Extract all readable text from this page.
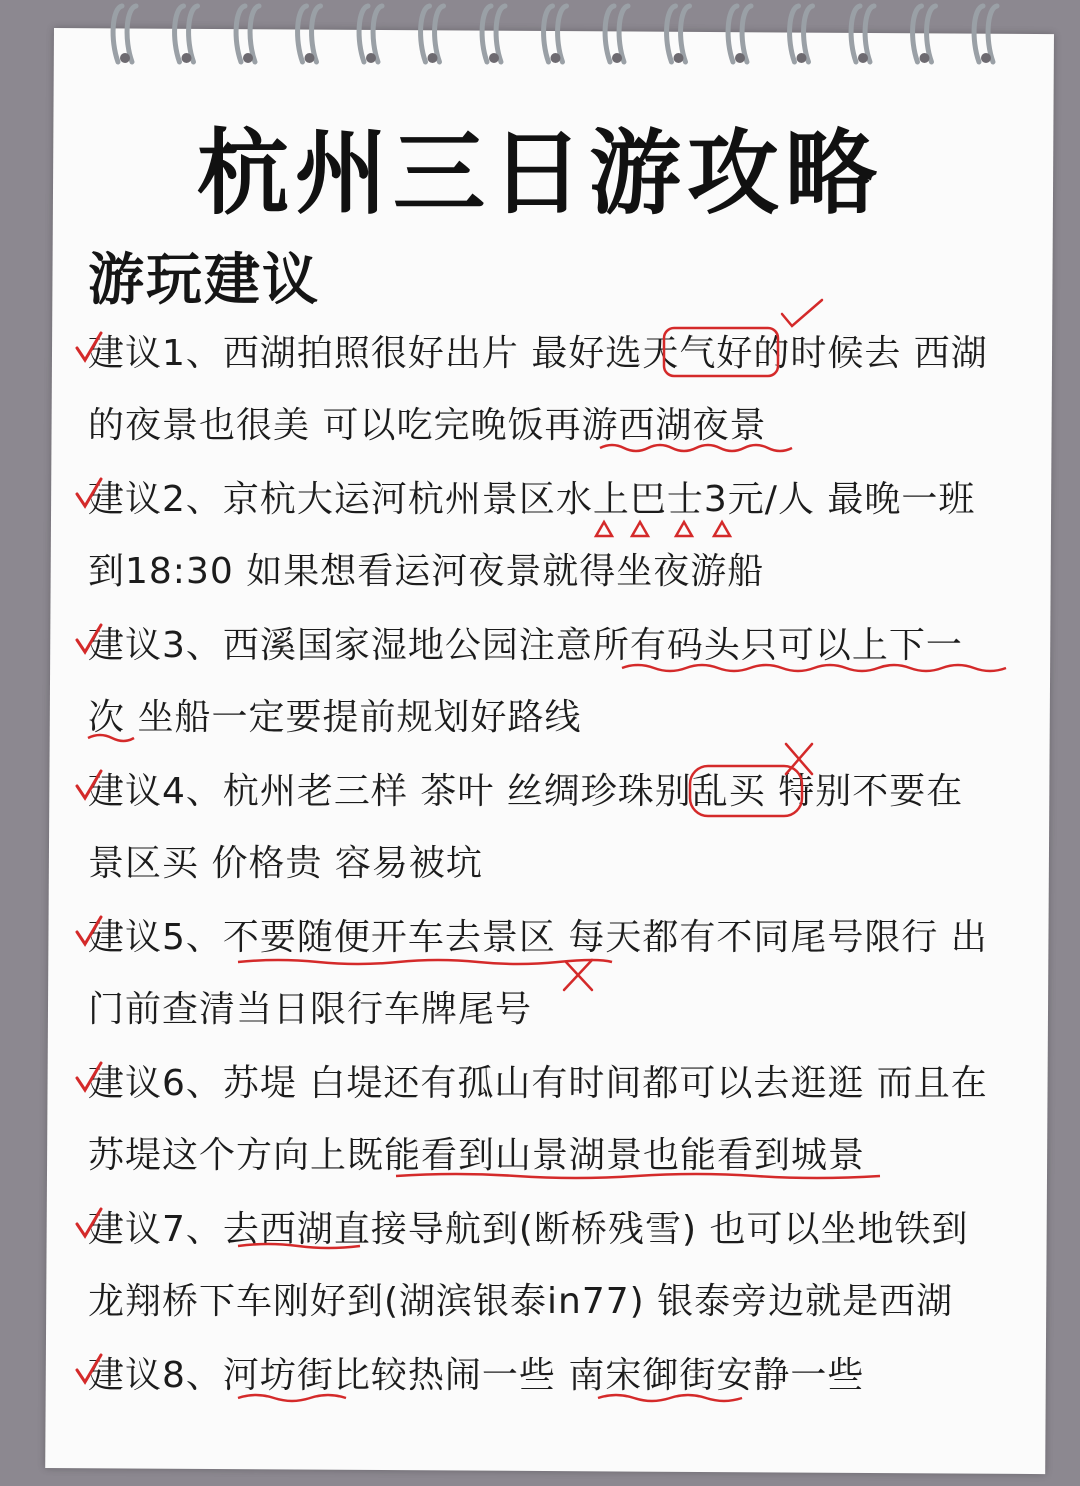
杭州三日游攻略
游玩建议
建议1、西湖拍照很好出片 最好选天气好的时候去 西湖
的夜景也很美 可以吃完晚饭再游西湖夜景
建议2、京杭大运河杭州景区水上巴士3元/人 最晚一班
到18:30 如果想看运河夜景就得坐夜游船
建议3、西溪国家湿地公园注意所有码头只可以上下一
次 坐船一定要提前规划好路线
建议4、杭州老三样 茶叶 丝绸珍珠别乱买 特别不要在
景区买 价格贵 容易被坑
建议5、不要随便开车去景区 每天都有不同尾号限行 出
门前查清当日限行车牌尾号
建议6、苏堤 白堤还有孤山有时间都可以去逛逛 而且在
苏堤这个方向上既能看到山景湖景也能看到城景
建议7、去西湖直接导航到(断桥残雪) 也可以坐地铁到
龙翔桥下车刚好到(湖滨银泰in77) 银泰旁边就是西湖
建议8、河坊街比较热闹一些 南宋御街安静一些
